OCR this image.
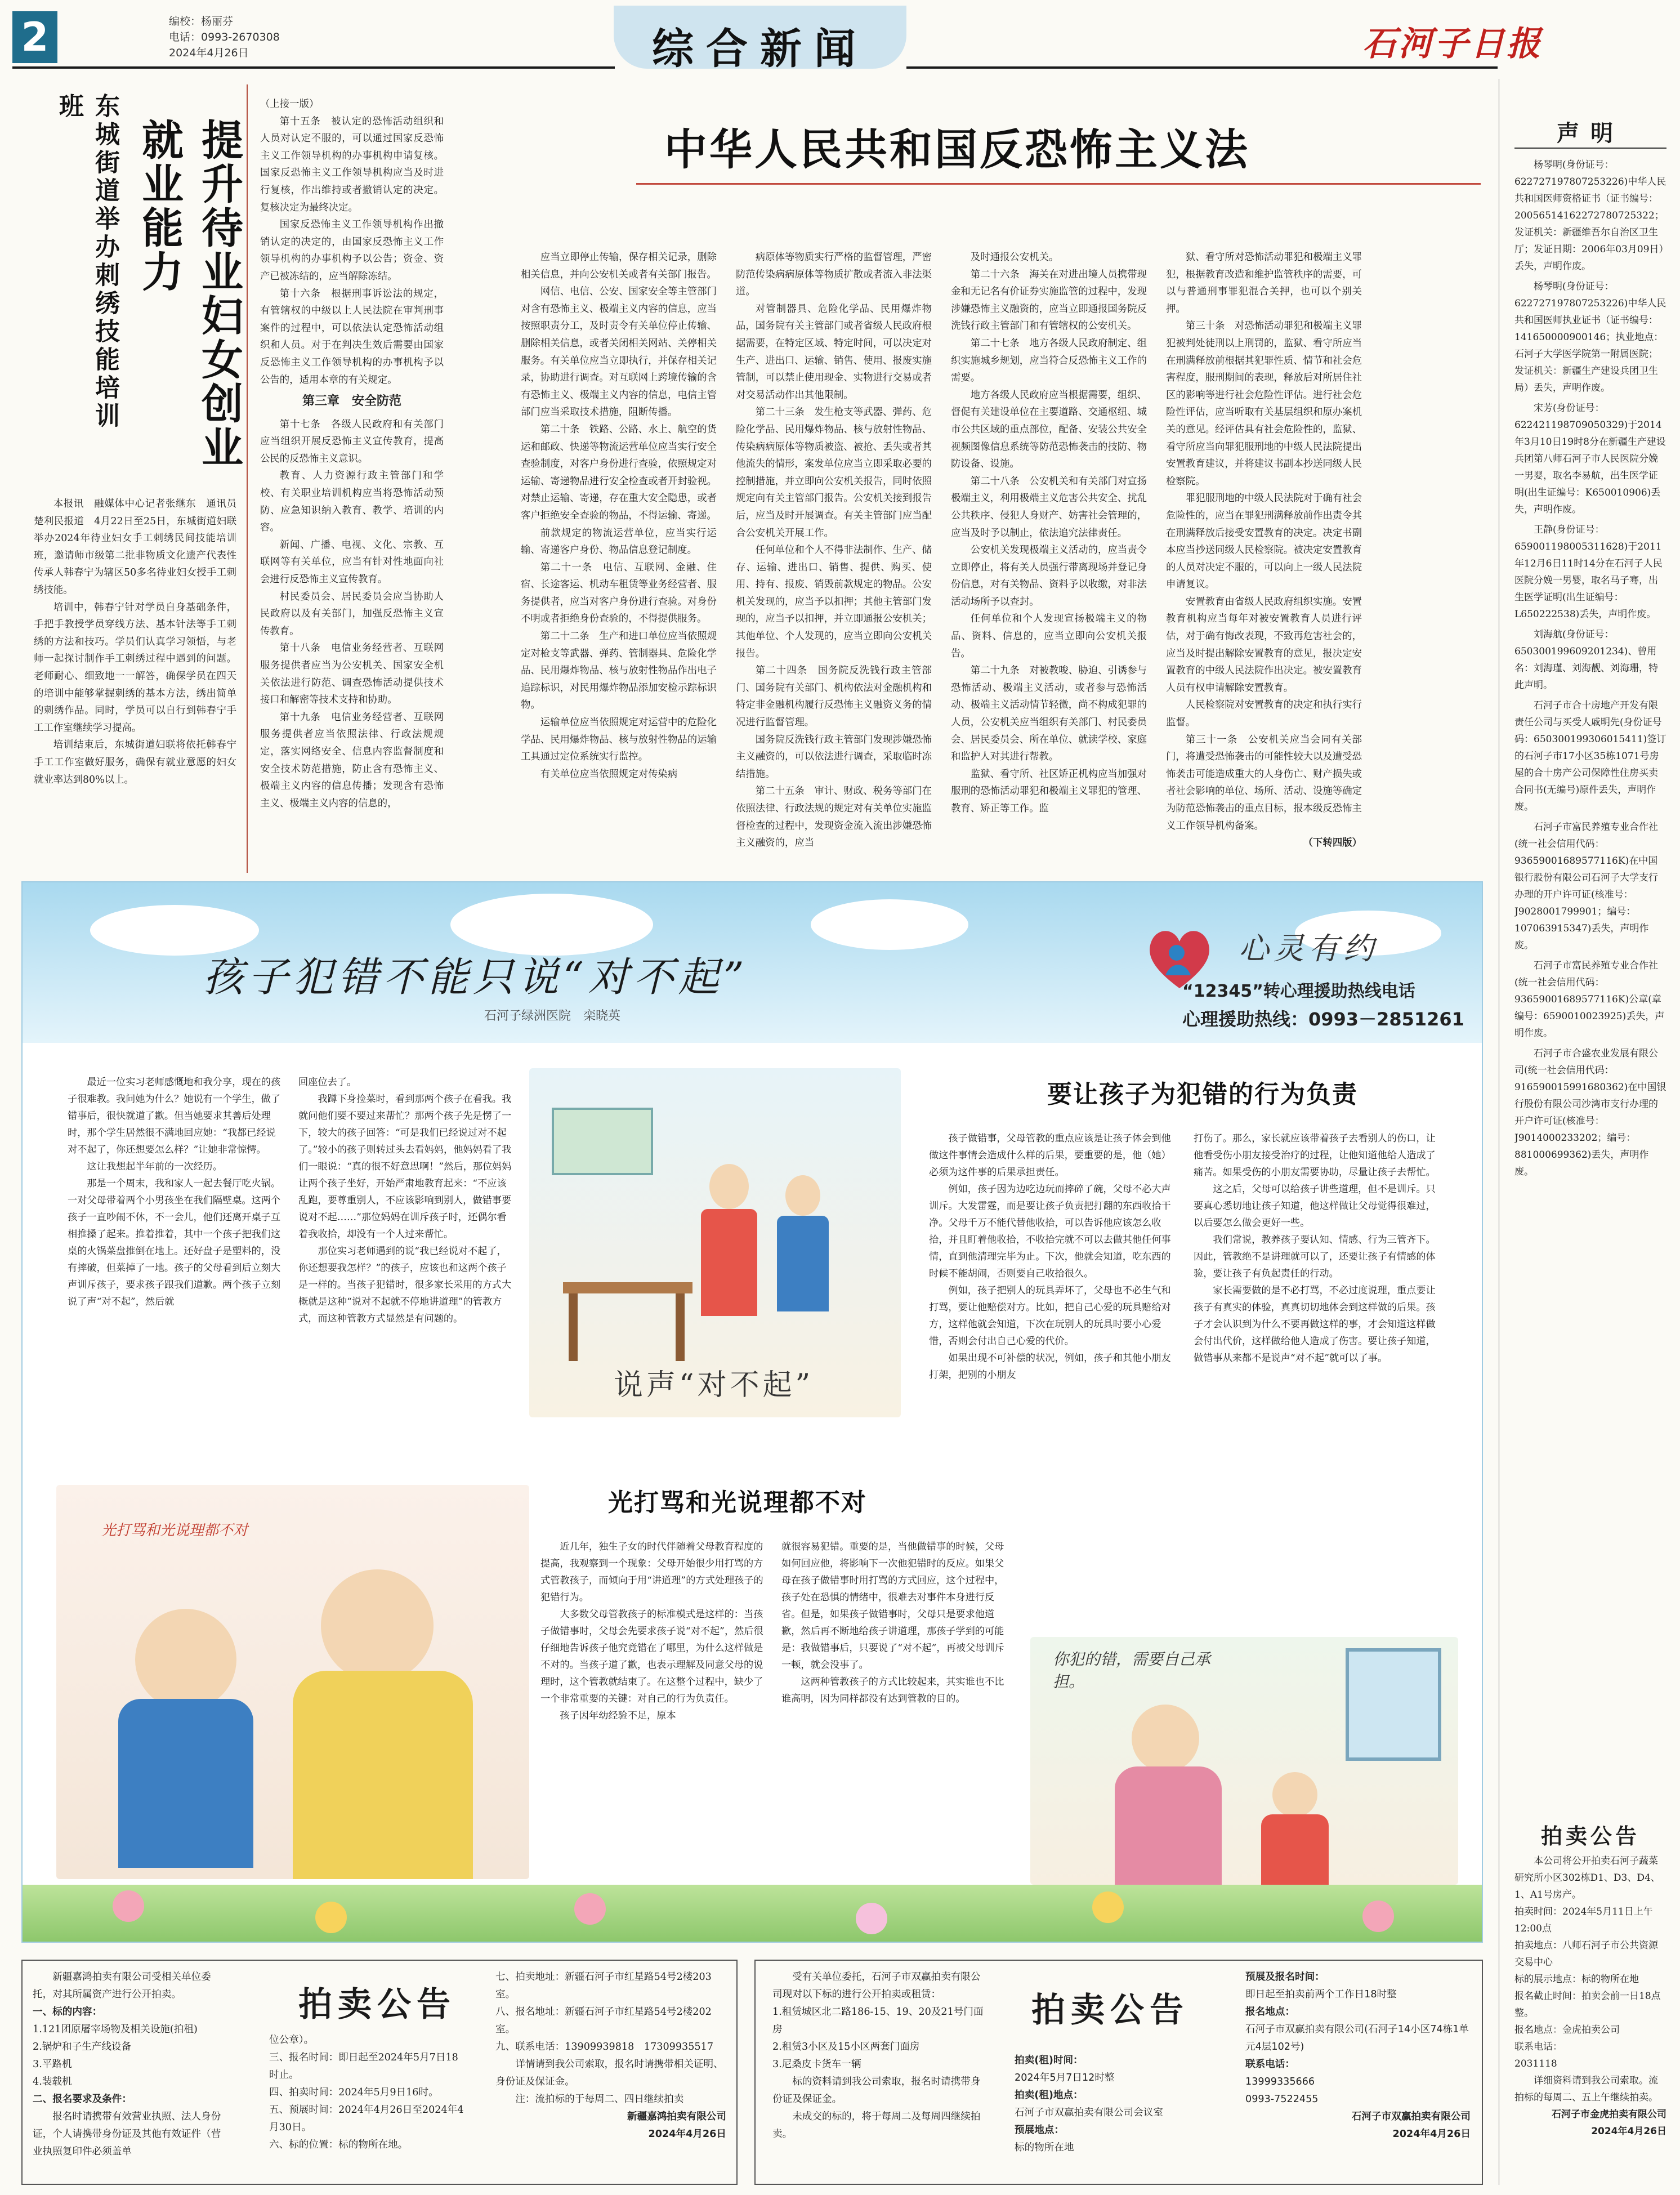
2	编校：杨丽芬
电话：0993-2670308
2024年4月26日	综合新闻	石河子日报
东城街道举办刺绣技能培训班
提升待业妇女创业就业能力

本报讯　融媒体中心记者张继东　通讯员楚利民报道　4月22日至25日，东城街道妇联举办2024年待业妇女手工刺绣民间技能培训班，邀请师市级第二批非物质文化遗产代表性传承人韩春宁为辖区50多名待业妇女授手工刺绣技能。

培训中，韩春宁针对学员自身基础条件，手把手教授学员穿线方法、基本针法等手工刺绣的方法和技巧。学员们认真学习领悟，与老师一起探讨制作手工刺绣过程中遇到的问题。老师耐心、细致地一一解答，确保学员在四天的培训中能够掌握刺绣的基本方法，绣出简单的刺绣作品。同时，学员可以自行到韩春宁手工工作室继续学习提高。

培训结束后，东城街道妇联将依托韩春宁手工工作室做好服务，确保有就业意愿的妇女就业率达到80%以上。

中华人民共和国反恐怖主义法

（上接一版）

第十五条　被认定的恐怖活动组织和人员对认定不服的，可以通过国家反恐怖主义工作领导机构的办事机构申请复核。国家反恐怖主义工作领导机构应当及时进行复核，作出维持或者撤销认定的决定。复核决定为最终决定。

国家反恐怖主义工作领导机构作出撤销认定的决定的，由国家反恐怖主义工作领导机构的办事机构予以公告；资金、资产已被冻结的，应当解除冻结。

第十六条　根据刑事诉讼法的规定，有管辖权的中级以上人民法院在审判刑事案件的过程中，可以依法认定恐怖活动组织和人员。对于在判决生效后需要由国家反恐怖主义工作领导机构的办事机构予以公告的，适用本章的有关规定。

第三章　安全防范

第十七条　各级人民政府和有关部门应当组织开展反恐怖主义宣传教育，提高公民的反恐怖主义意识。

教育、人力资源行政主管部门和学校、有关职业培训机构应当将恐怖活动预防、应急知识纳入教育、教学、培训的内容。

新闻、广播、电视、文化、宗教、互联网等有关单位，应当有针对性地面向社会进行反恐怖主义宣传教育。

村民委员会、居民委员会应当协助人民政府以及有关部门，加强反恐怖主义宣传教育。

第十八条　电信业务经营者、互联网服务提供者应当为公安机关、国家安全机关依法进行防范、调查恐怖活动提供技术接口和解密等技术支持和协助。

第十九条　电信业务经营者、互联网服务提供者应当依照法律、行政法规规定，落实网络安全、信息内容监督制度和安全技术防范措施，防止含有恐怖主义、极端主义内容的信息传播；发现含有恐怖主义、极端主义内容的信息的，

应当立即停止传输，保存相关记录，删除相关信息，并向公安机关或者有关部门报告。

网信、电信、公安、国家安全等主管部门对含有恐怖主义、极端主义内容的信息，应当按照职责分工，及时责令有关单位停止传输、删除相关信息，或者关闭相关网站、关停相关服务。有关单位应当立即执行，并保存相关记录，协助进行调查。对互联网上跨境传输的含有恐怖主义、极端主义内容的信息，电信主管部门应当采取技术措施，阻断传播。

第二十条　铁路、公路、水上、航空的货运和邮政、快递等物流运营单位应当实行安全查验制度，对客户身份进行查验，依照规定对运输、寄递物品进行安全检查或者开封验视。对禁止运输、寄递，存在重大安全隐患，或者客户拒绝安全查验的物品，不得运输、寄递。

前款规定的物流运营单位，应当实行运输、寄递客户身份、物品信息登记制度。

第二十一条　电信、互联网、金融、住宿、长途客运、机动车租赁等业务经营者、服务提供者，应当对客户身份进行查验。对身份不明或者拒绝身份查验的，不得提供服务。

第二十二条　生产和进口单位应当依照规定对枪支等武器、弹药、管制器具、危险化学品、民用爆炸物品、核与放射性物品作出电子追踪标识，对民用爆炸物品添加安检示踪标识物。

运输单位应当依照规定对运营中的危险化学品、民用爆炸物品、核与放射性物品的运输工具通过定位系统实行监控。

有关单位应当依照规定对传染病

病原体等物质实行严格的监督管理，严密防范传染病病原体等物质扩散或者流入非法渠道。

对管制器具、危险化学品、民用爆炸物品，国务院有关主管部门或者省级人民政府根据需要，在特定区域、特定时间，可以决定对生产、进出口、运输、销售、使用、报废实施管制，可以禁止使用现金、实物进行交易或者对交易活动作出其他限制。

第二十三条　发生枪支等武器、弹药、危险化学品、民用爆炸物品、核与放射性物品、传染病病原体等物质被盗、被抢、丢失或者其他流失的情形，案发单位应当立即采取必要的控制措施，并立即向公安机关报告，同时依照规定向有关主管部门报告。公安机关接到报告后，应当及时开展调查。有关主管部门应当配合公安机关开展工作。

任何单位和个人不得非法制作、生产、储存、运输、进出口、销售、提供、购买、使用、持有、报废、销毁前款规定的物品。公安机关发现的，应当予以扣押；其他主管部门发现的，应当予以扣押，并立即通报公安机关；其他单位、个人发现的，应当立即向公安机关报告。

第二十四条　国务院反洗钱行政主管部门、国务院有关部门、机构依法对金融机构和特定非金融机构履行反恐怖主义融资义务的情况进行监督管理。

国务院反洗钱行政主管部门发现涉嫌恐怖主义融资的，可以依法进行调查，采取临时冻结措施。

第二十五条　审计、财政、税务等部门在依照法律、行政法规的规定对有关单位实施监督检查的过程中，发现资金流入流出涉嫌恐怖主义融资的，应当

及时通报公安机关。

第二十六条　海关在对进出境人员携带现金和无记名有价证券实施监管的过程中，发现涉嫌恐怖主义融资的，应当立即通报国务院反洗钱行政主管部门和有管辖权的公安机关。

第二十七条　地方各级人民政府制定、组织实施城乡规划，应当符合反恐怖主义工作的需要。

地方各级人民政府应当根据需要，组织、督促有关建设单位在主要道路、交通枢纽、城市公共区域的重点部位，配备、安装公共安全视频图像信息系统等防范恐怖袭击的技防、物防设备、设施。

第二十八条　公安机关和有关部门对宣扬极端主义，利用极端主义危害公共安全、扰乱公共秩序、侵犯人身财产、妨害社会管理的，应当及时予以制止，依法追究法律责任。

公安机关发现极端主义活动的，应当责令立即停止，将有关人员强行带离现场并登记身份信息，对有关物品、资料予以收缴，对非法活动场所予以查封。

任何单位和个人发现宣扬极端主义的物品、资料、信息的，应当立即向公安机关报告。

第二十九条　对被教唆、胁迫、引诱参与恐怖活动、极端主义活动，或者参与恐怖活动、极端主义活动情节轻微，尚不构成犯罪的人员，公安机关应当组织有关部门、村民委员会、居民委员会、所在单位、就读学校、家庭和监护人对其进行帮教。

监狱、看守所、社区矫正机构应当加强对服刑的恐怖活动罪犯和极端主义罪犯的管理、教育、矫正等工作。监

狱、看守所对恐怖活动罪犯和极端主义罪犯，根据教育改造和维护监管秩序的需要，可以与普通刑事罪犯混合关押，也可以个别关押。

第三十条　对恐怖活动罪犯和极端主义罪犯被判处徒刑以上刑罚的，监狱、看守所应当在刑满释放前根据其犯罪性质、情节和社会危害程度，服刑期间的表现，释放后对所居住社区的影响等进行社会危险性评估。进行社会危险性评估，应当听取有关基层组织和原办案机关的意见。经评估具有社会危险性的，监狱、看守所应当向罪犯服刑地的中级人民法院提出安置教育建议，并将建议书副本抄送同级人民检察院。

罪犯服刑地的中级人民法院对于确有社会危险性的，应当在罪犯刑满释放前作出责令其在刑满释放后接受安置教育的决定。决定书副本应当抄送同级人民检察院。被决定安置教育的人员对决定不服的，可以向上一级人民法院申请复议。

安置教育由省级人民政府组织实施。安置教育机构应当每年对被安置教育人员进行评估，对于确有悔改表现，不致再危害社会的，应当及时提出解除安置教育的意见，报决定安置教育的中级人民法院作出决定。被安置教育人员有权申请解除安置教育。

人民检察院对安置教育的决定和执行实行监督。

第三十一条　公安机关应当会同有关部门，将遭受恐怖袭击的可能性较大以及遭受恐怖袭击可能造成重大的人身伤亡、财产损失或者社会影响的单位、场所、活动、设施等确定为防范恐怖袭击的重点目标，报本级反恐怖主义工作领导机构备案。

（下转四版）

孩子犯错不能只说“对不起”
石河子绿洲医院　栾晓英
心灵有约
“12345”转心理援助热线电话
心理援助热线：0993－2851261

最近一位实习老师感慨地和我分享，现在的孩子很难教。我问她为什么？她说有一个学生，做了错事后，很快就道了歉。但当她要求其善后处理时，那个学生居然很不满地回应她：“我都已经说对不起了，你还想要怎么样？”让她非常惊愕。

这让我想起半年前的一次经历。

那是一个周末，我和家人一起去餐厅吃火锅。一对父母带着两个小男孩坐在我们隔壁桌。这两个孩子一直吵闹不休，不一会儿，他们还离开桌子互相推搡了起来。推着推着，其中一个孩子把我们这桌的火锅菜盘推倒在地上。还好盘子是塑料的，没有摔破，但菜掉了一地。孩子的父母看到后立刻大声训斥孩子，要求孩子跟我们道歉。两个孩子立刻说了声“对不起”，然后就

回座位去了。

我蹲下身捡菜时，看到那两个孩子在看我。我就问他们要不要过来帮忙？那两个孩子先是愣了一下，较大的孩子回答：“可是我们已经说过对不起了。”较小的孩子则转过头去看妈妈，他妈妈看了我们一眼说：“真的很不好意思啊！”然后，那位妈妈让两个孩子坐好，开始严肃地教育起来：“不应该乱跑，要尊重别人，不应该影响到别人，做错事要说对不起……”那位妈妈在训斥孩子时，还偶尔看着我收拾，却没有一个人过来帮忙。

那位实习老师遇到的说“我已经说对不起了，你还想要我怎样？”的孩子，应该也和这两个孩子是一样的。当孩子犯错时，很多家长采用的方式大概就是这种“说对不起就不停地讲道理”的管教方式，而这种管教方式显然是有问题的。

说声“对不起”
要让孩子为犯错的行为负责

孩子做错事，父母管教的重点应该是让孩子体会到他做这件事情会造成什么样的后果，要重要的是，他（她）必须为这件事的后果承担责任。

例如，孩子因为边吃边玩而摔碎了碗，父母不必大声训斥。大发雷霆，而是要让孩子负责把打翻的东西收拾干净。父母千万不能代替他收拾，可以告诉他应该怎么收拾，并且盯着他收拾，不收拾完就不可以去做其他任何事情，直到他清理完毕为止。下次，他就会知道，吃东西的时候不能胡闹，否则要自己收拾很久。

例如，孩子把别人的玩具弄坏了，父母也不必生气和打骂，要让他赔偿对方。比如，把自己心爱的玩具赔给对方，这样他就会知道，下次在玩别人的玩具时要小心爱惜，否则会付出自己心爱的代价。

如果出现不可补偿的状况，例如，孩子和其他小朋友打架，把别的小朋友

打伤了。那么，家长就应该带着孩子去看别人的伤口，让他看受伤小朋友接受治疗的过程，让他知道他给人造成了痛苦。如果受伤的小朋友需要协助，尽量让孩子去帮忙。

这之后，父母可以给孩子讲些道理，但不是训斥。只要真心悉切地让孩子知道，他这样做让父母觉得很难过，以后要怎么做会更好一些。

我们常说，教养孩子要认知、情感、行为三管齐下。因此，管教绝不是讲理就可以了，还要让孩子有情感的体验，要让孩子有负起责任的行动。

家长需要做的是不必打骂，不必过度说理，重点要让孩子有真实的体验，真真切切地体会到这样做的后果。孩子才会认识到为什么不要再做这样的事，才会知道这样做会付出代价，这样做给他人造成了伤害。要让孩子知道，做错事从来都不是说声“对不起”就可以了事。

光打骂和光说理都不对
光打骂和光说理都不对

近几年，独生子女的时代伴随着父母教育程度的提高，我观察到一个现象：父母开始很少用打骂的方式管教孩子，而倾向于用“讲道理”的方式处理孩子的犯错行为。

大多数父母管教孩子的标准模式是这样的：当孩子做错事时，父母会先要求孩子说“对不起”，然后很仔细地告诉孩子他究竟错在了哪里，为什么这样做是不对的。当孩子道了歉，也表示理解及同意父母的说理时，这个管教就结束了。在这整个过程中，缺少了一个非常重要的关键：对自己的行为负责任。

孩子因年幼经验不足，原本

就很容易犯错。重要的是，当他做错事的时候，父母如何回应他，将影响下一次他犯错时的反应。如果父母在孩子做错事时用打骂的方式回应，这个过程中，孩子处在恐惧的情绪中，很难去对事件本身进行反省。但是，如果孩子做错事时，父母只是要求他道歉，然后再不断地给孩子讲道理，那孩子学到的可能是：我做错事后，只要说了“对不起”，再被父母训斥一顿，就会没事了。

这两种管教孩子的方式比较起来，其实谁也不比谁高明，因为同样都没有达到管教的目的。

你犯的错，需要自己承担。

新疆嘉鸿拍卖有限公司受相关单位委托，对其所属资产进行公开拍卖。

一、标的内容：
1.121团原屠宰场物及相关设施(拍租)
2.锅炉和子生产线设备
3.平路机
4.装载机
二、报名要求及条件：

报名时请携带有效营业执照、法人身份证，个人请携带身份证及其他有效证件（营业执照复印件必须盖单

拍卖公告
位公章）。
三、报名时间：即日起至2024年5月7日18时止。
四、拍卖时间：2024年5月9日16时。
五、预展时间：2024年4月26日至2024年4月30日。
六、标的位置：标的物所在地。
七、拍卖地址：新疆石河子市红星路54号2楼203室。
八、报名地址：新疆石河子市红星路54号2楼202室。
九、联系电话：13909939818　17309935517

详情请到我公司索取，报名时请携带相关证明、身份证及保证金。

注：流拍标的于每周二、四日继续拍卖

新疆嘉鸿拍卖有限公司
2024年4月26日

受有关单位委托，石河子市双赢拍卖有限公司现对以下标的进行公开拍卖或租赁：

1.租赁城区北二路186-15、19、20及21号门面房
2.租赁3小区及15小区两套门面房
3.尼桑皮卡货车一辆

标的资料请到我公司索取，报名时请携带身份证及保证金。

未成交的标的，将于每周二及每周四继续拍卖。

拍卖公告
拍卖(租)时间：
2024年5月7日12时整
拍卖(租)地点：
石河子市双赢拍卖有限公司会议室
预展地点：
标的物所在地
预展及报名时间：
即日起至拍卖前两个工作日18时整
报名地点：
石河子市双赢拍卖有限公司(石河子14小区74栋1单元4层102号)
联系电话：
13999335666
0993-7522455
石河子市双赢拍卖有限公司
2024年4月26日
声明

杨琴明(身份证号：62272719780725​3226)中华人民共和国医师资格证书（证书编号：200565141622727807253​22；发证机关：新疆维吾尔自治区卫生厅；发证日期：2006年03月09日）丢失，声明作废。

杨琴明(身份证号：622727197807253226)中华人民共和国医师执业证书（证书编号：141650000900146；执业地点：石河子大学医学院第一附属医院；发证机关：新疆生产建设兵团卫生局）丢失，声明作废。

宋芳(身份证号：622421198709050329)于2014年3月10日19时8分在新疆生产建设兵团第八师石河子市人民医院分娩一男婴，取名李易航，出生医学证明(出生证编号：K650010906)丢失，声明作废。

王静(身份证号：659001198005311628)于2011年12月6日11时14分在石河子人民医院分娩一男婴，取名马子骞，出生医学证明(出生证编号：L650222538)丢失，声明作废。

刘海航(身份证号：650300199609201234)、曾用名：刘海瑾、刘海靓、刘海珊，特此声明。

石河子市合十房地产开发有限责任公司与买受人戚明先(身份证号码：650300199306015411)签订的石河子市17小区35栋1071号房屋的合十房产公司保障性住房买卖合同书(无编号)原件丢失，声明作废。

石河子市富民养殖专业合作社(统一社会信用代码：93659001689577116K)在中国银行股份有限公司石河子大学支行办理的开户许可证(核准号：J9028001799901；编号：10706391534​7)丢失，声明作废。

石河子市富民养殖专业合作社(统一社会信用代码：93659001689577116K)公章(章编号：65900100239​25)丢失，声明作废。

石河子市合盛农业发展有限公司(统一社会信用代码：916590015991680362)在中国银行股份有限公司沙湾市支行办理的开户许可证(核准号：J9014000233202；编号：881000699362)丢失，声明作废。

拍卖公告

本公司将公开拍卖石河子蔬菜研究所小区302栋D1、D3、D4、1、A1号房产。

拍卖时间：2024年5月11日上午12:00点
拍卖地点：八师石河子市公共资源交易中心
标的展示地点：标的物所在地
报名截止时间：拍卖会前一日18点整。
报名地点：金虎拍卖公司
联系电话：
2031118

详细资料请到我公司索取。流拍标的每周二、五上午继续拍卖。

石河子市金虎拍卖有限公司
2024年4月26日
